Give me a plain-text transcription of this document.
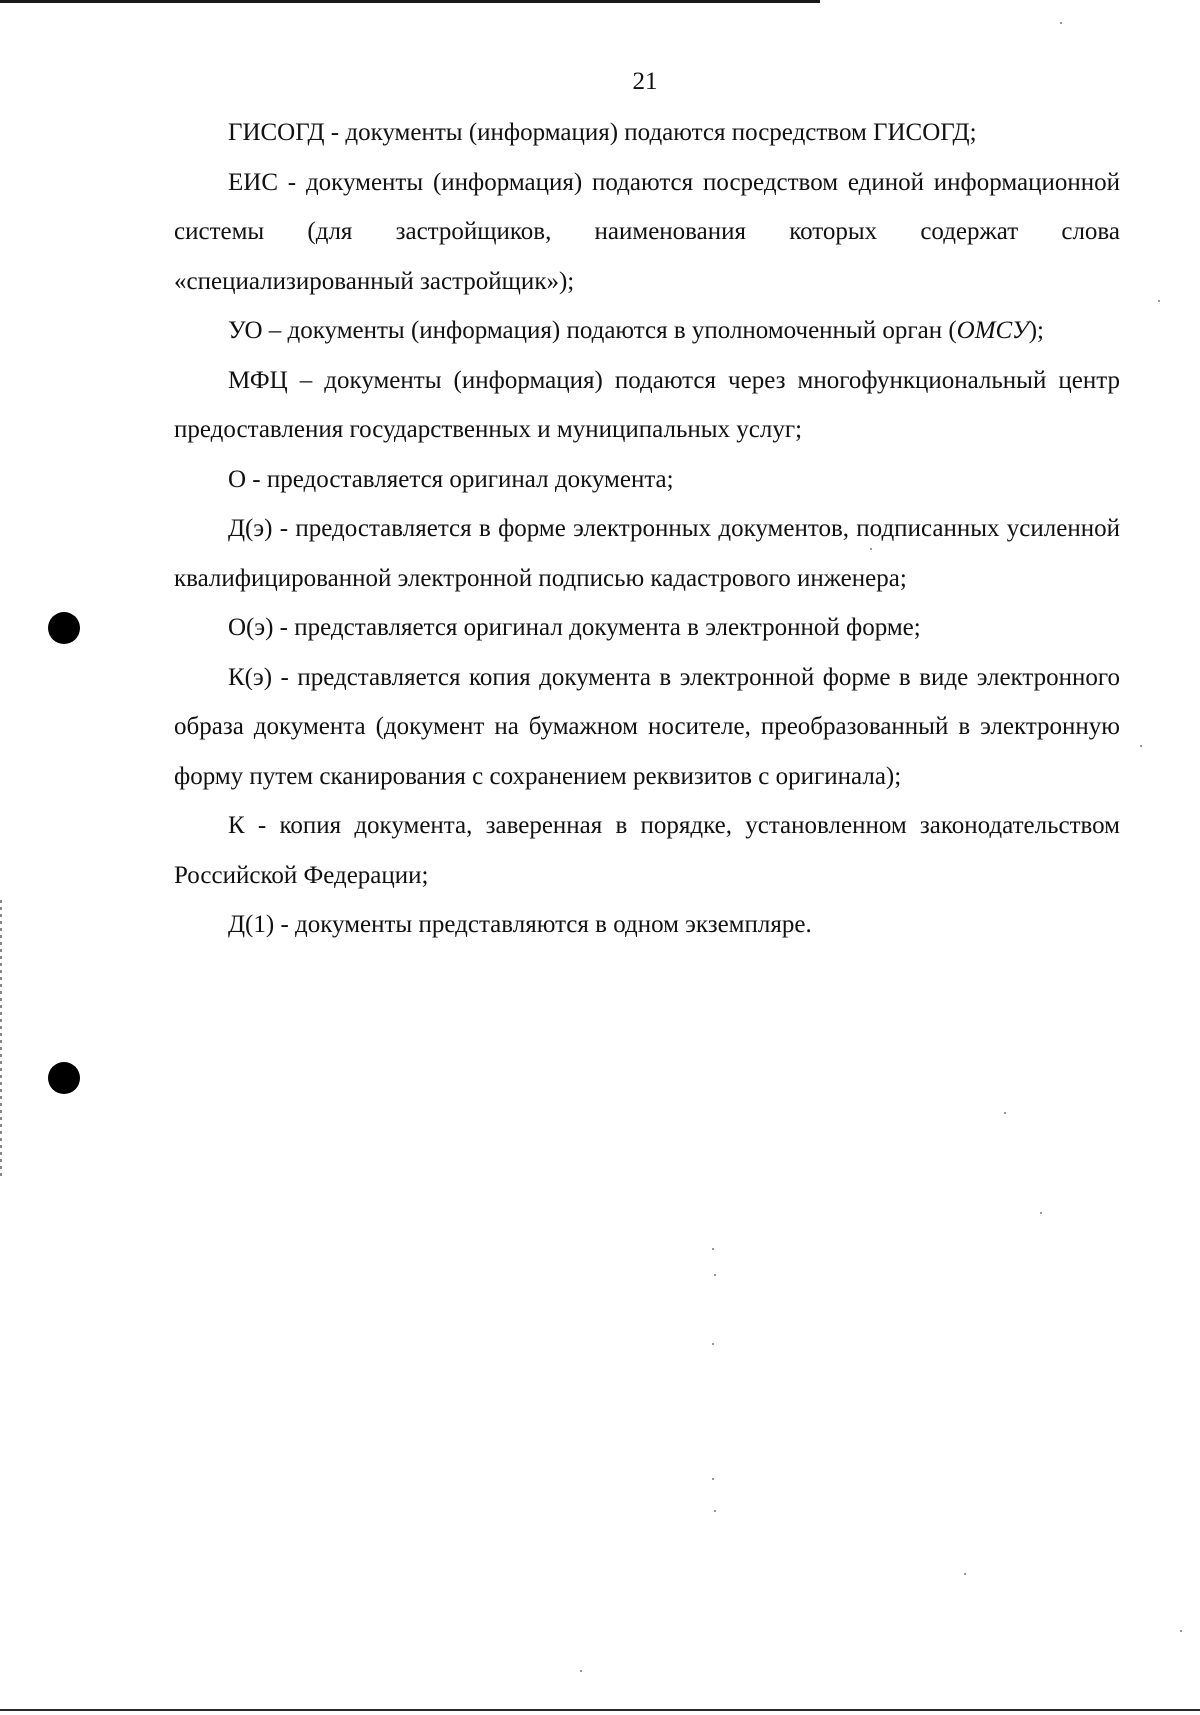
21

ГИСОГД - документы (информация) подаются посредством ГИСОГД;

ЕИС - документы (информация) подаются посредством единой информационной системы (для застройщиков, наименования которых содержат слова «специализированный застройщик»);

УО – документы (информация) подаются в уполномоченный орган (ОМСУ);

МФЦ – документы (информация) подаются через многофункциональный центр предоставления государственных и муниципальных услуг;

О - предоставляется оригинал документа;

Д(э) - предоставляется в форме электронных документов, подписанных усиленной квалифицированной электронной подписью кадастрового инженера;

О(э) - представляется оригинал документа в электронной форме;

К(э) - представляется копия документа в электронной форме в виде электронного образа документа (документ на бумажном носителе, преобразованный в электронную форму путем сканирования с сохранением реквизитов с оригинала);

К - копия документа, заверенная в порядке, установленном законодательством Российской Федерации;

Д(1) - документы представляются в одном экземпляре.
